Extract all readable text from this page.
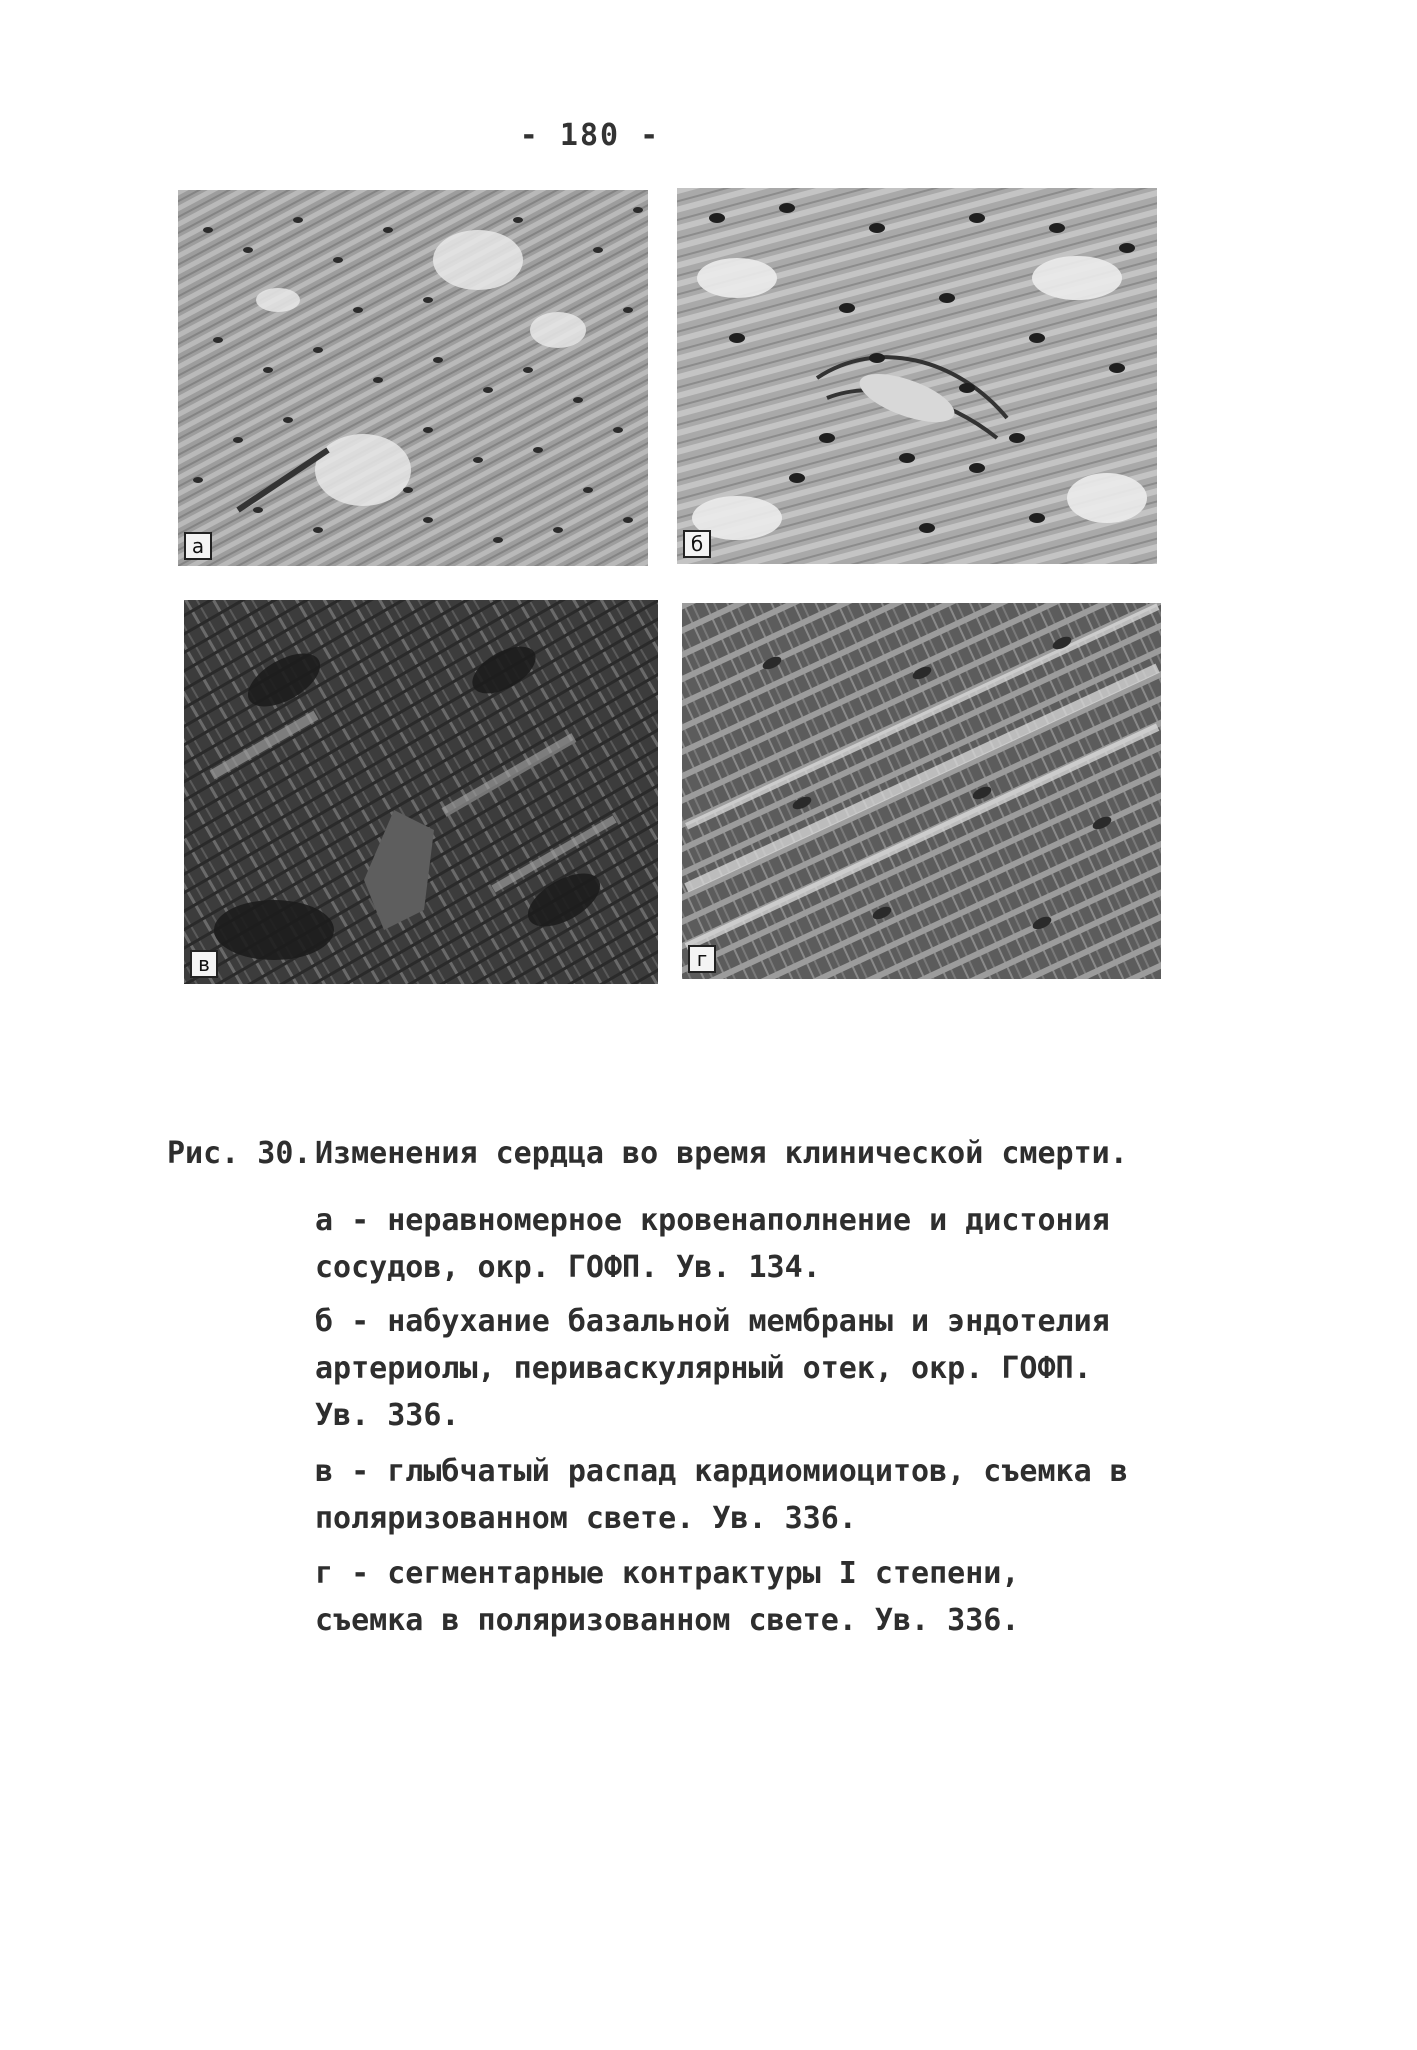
- 180 -
а	б
в	г
Рис. 30. Изменения сердца во время клинической смерти.
а - неравномерное кровенаполнение и дистония сосудов, окр. ГОФП. Ув. 134.
б - набухание базальной мембраны и эндотелия артериолы, периваскулярный отек, окр. ГОФП. Ув. 336.
в - глыбчатый распад кардиомиоцитов, съемка в поляризованном свете. Ув. 336.
г - сегментарные контрактуры I степени, съемка в поляризованном свете. Ув. 336.
